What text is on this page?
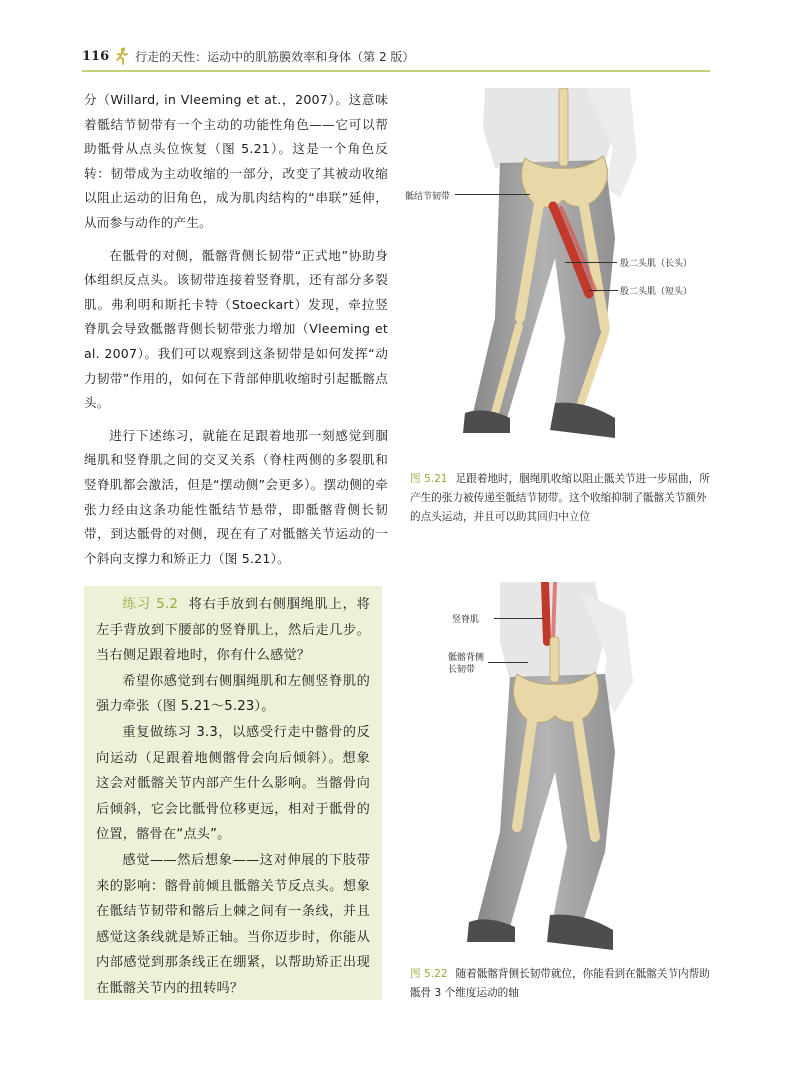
116 行走的天性：运动中的肌筋膜效率和身体（第 2 版）

分（Willard, in Vleeming et at.，2007）。这意味着骶结节韧带有一个主动的功能性角色——它可以帮助骶骨从点头位恢复（图 5.21）。这是一个角色反转：韧带成为主动收缩的一部分，改变了其被动收缩以阻止运动的旧角色，成为肌肉结构的“串联”延伸，从而参与动作的产生。

在骶骨的对侧，骶髂背侧长韧带“正式地”协助身体组织反点头。该韧带连接着竖脊肌，还有部分多裂肌。弗利明和斯托卡特（Stoeckart）发现，牵拉竖脊肌会导致骶髂背侧长韧带张力增加（Vleeming et al. 2007）。我们可以观察到这条韧带是如何发挥“动力韧带”作用的，如何在下背部伸肌收缩时引起骶髂点头。

进行下述练习，就能在足跟着地那一刻感觉到腘绳肌和竖脊肌之间的交叉关系（脊柱两侧的多裂肌和竖脊肌都会激活，但是“摆动侧”会更多）。摆动侧的牵张力经由这条功能性骶结节悬带，即骶髂背侧长韧带，到达骶骨的对侧，现在有了对骶髂关节运动的一个斜向支撑力和矫正力（图 5.21）。

练习 5.2 将右手放到右侧腘绳肌上，将左手背放到下腰部的竖脊肌上，然后走几步。当右侧足跟着地时，你有什么感觉？

希望你感觉到右侧腘绳肌和左侧竖脊肌的强力牵张（图 5.21～5.23）。

重复做练习 3.3，以感受行走中髂骨的反向运动（足跟着地侧髂骨会向后倾斜）。想象这会对骶髂关节内部产生什么影响。当髂骨向后倾斜，它会比骶骨位移更远，相对于骶骨的位置，髂骨在“点头”。

感觉——然后想象——这对伸展的下肢带来的影响：髂骨前倾且骶髂关节反点头。想象在骶结节韧带和髂后上棘之间有一条线，并且感觉这条线就是矫正轴。当你迈步时，你能从内部感觉到那条线正在绷紧，以帮助矫正出现在骶髂关节内的扭转吗？

骶结节韧带
股二头肌（长头）
股二头肌（短头）
图 5.21 足跟着地时，腘绳肌收缩以阻止骶关节进一步屈曲，所产生的张力被传递至骶结节韧带。这个收缩抑制了骶髂关节额外的点头运动，并且可以助其回归中立位
竖脊肌
骶髂背侧长韧带
图 5.22 随着骶髂背侧长韧带就位，你能看到在骶髂关节内帮助骶骨 3 个维度运动的轴
